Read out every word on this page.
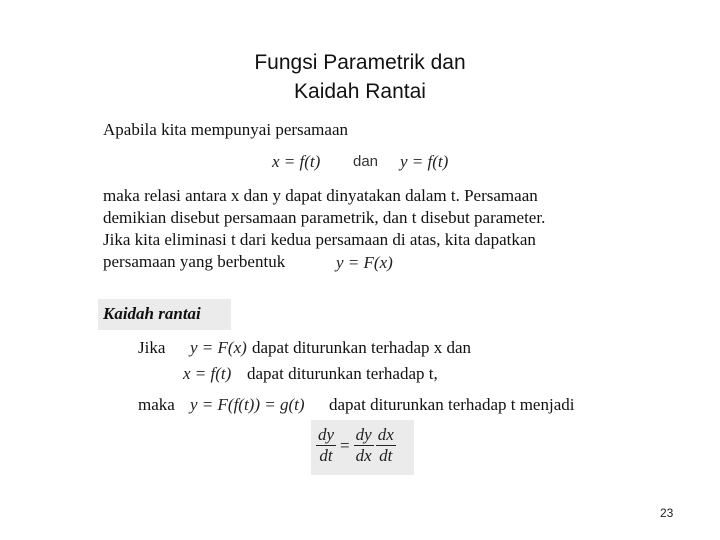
Fungsi Parametrik dan
Kaidah Rantai
Apabila kita mempunyai persamaan
x = f(t) dan y = f(t)
maka relasi antara x dan y dapat dinyatakan dalam t. Persamaan
demikian disebut persamaan parametrik, dan t disebut parameter.
Jika kita eliminasi t dari kedua persamaan di atas, kita dapatkan
persamaan yang berbentuk	y = F(x)
Kaidah rantai
Jika y = F(x) dapat diturunkan terhadap x dan
x = f(t) dapat diturunkan terhadap t,
maka y = F(f(t)) = g(t) dapat diturunkan terhadap t menjadi
$\frac{dy}{dt} = \frac{dy}{dx} \frac{dx}{dt}$
23
